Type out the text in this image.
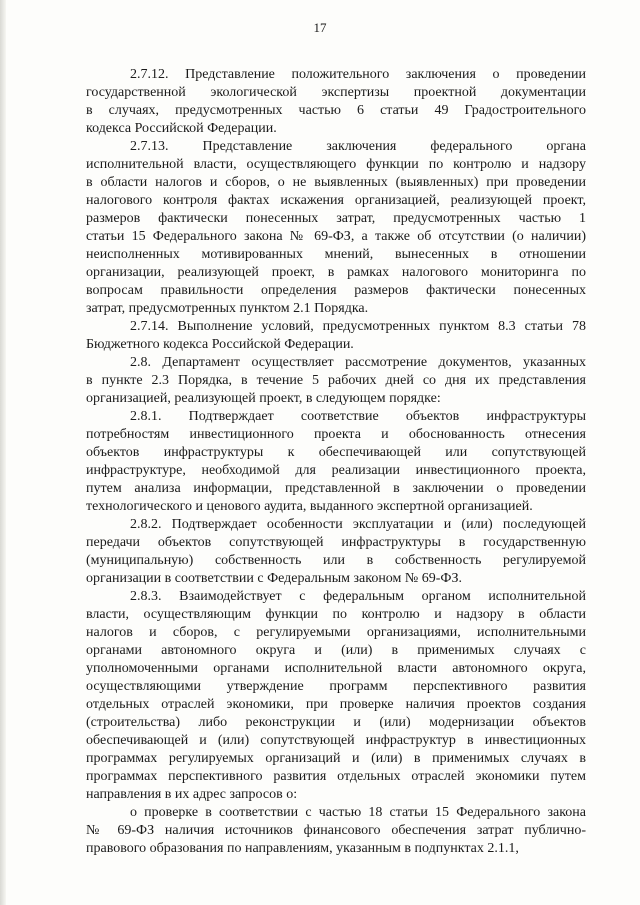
17
2.7.12. Представление положительного заключения о проведении
государственной экологической экспертизы проектной документации
в случаях, предусмотренных частью 6 статьи 49 Градостроительного
кодекса Российской Федерации.
2.7.13. Представление заключения федерального органа
исполнительной власти, осуществляющего функции по контролю и надзору
в области налогов и сборов, о не выявленных (выявленных) при проведении
налогового контроля фактах искажения организацией, реализующей проект,
размеров фактически понесенных затрат, предусмотренных частью 1
статьи 15 Федерального закона № 69-ФЗ, а также об отсутствии (о наличии)
неисполненных мотивированных мнений, вынесенных в отношении
организации, реализующей проект, в рамках налогового мониторинга по
вопросам правильности определения размеров фактически понесенных
затрат, предусмотренных пунктом 2.1 Порядка.
2.7.14. Выполнение условий, предусмотренных пунктом 8.3 статьи 78
Бюджетного кодекса Российской Федерации.
2.8. Департамент осуществляет рассмотрение документов, указанных
в пункте 2.3 Порядка, в течение 5 рабочих дней со дня их представления
организацией, реализующей проект, в следующем порядке:
2.8.1. Подтверждает соответствие объектов инфраструктуры
потребностям инвестиционного проекта и обоснованность отнесения
объектов инфраструктуры к обеспечивающей или сопутствующей
инфраструктуре, необходимой для реализации инвестиционного проекта,
путем анализа информации, представленной в заключении о проведении
технологического и ценового аудита, выданного экспертной организацией.
2.8.2. Подтверждает особенности эксплуатации и (или) последующей
передачи объектов сопутствующей инфраструктуры в государственную
(муниципальную) собственность или в собственность регулируемой
организации в соответствии с Федеральным законом № 69-ФЗ.
2.8.3. Взаимодействует с федеральным органом исполнительной
власти, осуществляющим функции по контролю и надзору в области
налогов и сборов, с регулируемыми организациями, исполнительными
органами автономного округа и (или) в применимых случаях с
уполномоченными органами исполнительной власти автономного округа,
осуществляющими утверждение программ перспективного развития
отдельных отраслей экономики, при проверке наличия проектов создания
(строительства) либо реконструкции и (или) модернизации объектов
обеспечивающей и (или) сопутствующей инфраструктур в инвестиционных
программах регулируемых организаций и (или) в применимых случаях в
программах перспективного развития отдельных отраслей экономики путем
направления в их адрес запросов о:
о проверке в соответствии с частью 18 статьи 15 Федерального закона
№ 69-ФЗ наличия источников финансового обеспечения затрат публично-
правового образования по направлениям, указанным в подпунктах 2.1.1,
